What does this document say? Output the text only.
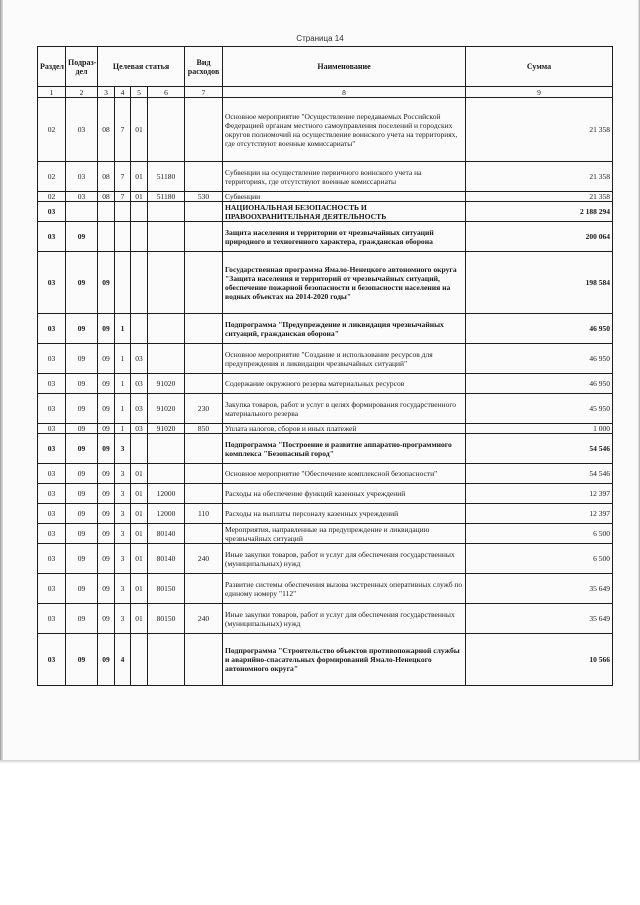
Страница 14
Раздел	Подраз-дел	Целевая статья				Вид расходов	Наименование	Сумма
1	2	3	4	5	6	7	8	9
02	03	08	7	01			Основное мероприятие "Осуществление передаваемых Российской Федерацией органам местного самоуправления поселений и городских округов полномочий на осуществление воинского учета на территориях, где отсутствуют военные комиссариаты"	21 358
02	03	08	7	01	51180		Субвенции на осуществление первичного воинского учета на территориях, где отсутствуют военные комиссариаты	21 358
02	03	08	7	01	51180	530	Субвенции	21 358
03							НАЦИОНАЛЬНАЯ БЕЗОПАСНОСТЬ И ПРАВООХРАНИТЕЛЬНАЯ ДЕЯТЕЛЬНОСТЬ	2 188 294
03	09						Защита населения и территории от чрезвычайных ситуаций природного и техногенного характера, гражданская оборона	200 064
03	09	09					Государственная программа Ямало-Ненецкого автономного округа "Защита населения и территорий от чрезвычайных ситуаций, обеспечение пожарной безопасности и безопасности населения на водных объектах на 2014-2020 годы"	198 584
03	09	09	1				Подпрограмма "Предупреждение и ликвидация чрезвычайных ситуаций, гражданская оборона"	46 950
03	09	09	1	03			Основное мероприятие "Создание и использование ресурсов для предупреждения и ликвидации чрезвычайных ситуаций"	46 950
03	09	09	1	03	91020		Содержание окружного резерва материальных ресурсов	46 950
03	09	09	1	03	91020	230	Закупка товаров, работ и услуг в целях формирования государственного материального резерва	45 950
03	09	09	1	03	91020	850	Уплата налогов, сборов и иных платежей	1 000
03	09	09	3				Подпрограмма "Построение и развитие аппаратно-программного комплекса "Безопасный город"	54 546
03	09	09	3	01			Основное мероприятие "Обеспечение комплексной безопасности"	54 546
03	09	09	3	01	12000		Расходы на обеспечение функций казенных учреждений	12 397
03	09	09	3	01	12000	110	Расходы на выплаты персоналу казенных учреждений	12 397
03	09	09	3	01	80140		Мероприятия, направленные на предупреждение и ликвидацию чрезвычайных ситуаций	6 500
03	09	09	3	01	80140	240	Иные закупки товаров, работ и услуг для обеспечения государственных (муниципальных) нужд	6 500
03	09	09	3	01	80150		Развитие системы обеспечения вызова экстренных оперативных служб по единому номеру "112"	35 649
03	09	09	3	01	80150	240	Иные закупки товаров, работ и услуг для обеспечения государственных (муниципальных) нужд	35 649
03	09	09	4				Подпрограмма "Строительство объектов противопожарной службы и аварийно-спасательных формирований Ямало-Ненецкого автономного округа"	10 566
